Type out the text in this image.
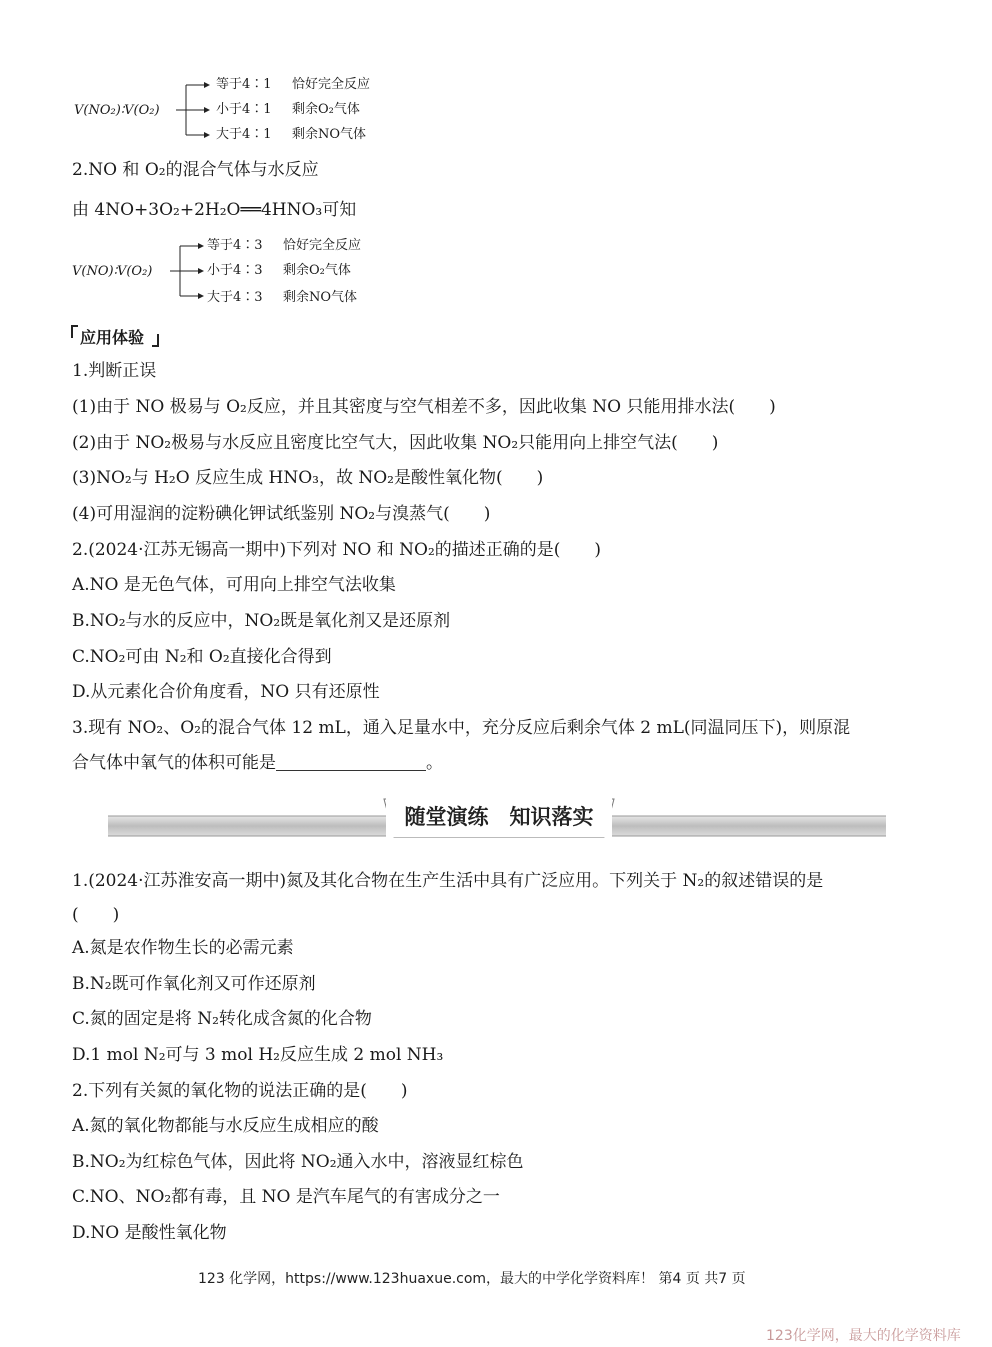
V(NO₂)∶V(O₂)
等于4∶1 恰好完全反应
小于4∶1 剩余O₂气体
大于4∶1 剩余NO气体
2.NO 和 O₂的混合气体与水反应
由 4NO+3O₂+2H₂O══4HNO₃可知
V(NO)∶V(O₂)
等于4∶3 恰好完全反应
小于4∶3 剩余O₂气体
大于4∶3 剩余NO气体
应用体验
1.判断正误
(1)由于 NO 极易与 O₂反应，并且其密度与空气相差不多，因此收集 NO 只能用排水法(　　)
(2)由于 NO₂极易与水反应且密度比空气大，因此收集 NO₂只能用向上排空气法(　　)
(3)NO₂与 H₂O 反应生成 HNO₃，故 NO₂是酸性氧化物(　　)
(4)可用湿润的淀粉碘化钾试纸鉴别 NO₂与溴蒸气(　　)
2.(2024·江苏无锡高一期中)下列对 NO 和 NO₂的描述正确的是(　　)
A.NO 是无色气体，可用向上排空气法收集
B.NO₂与水的反应中，NO₂既是氧化剂又是还原剂
C.NO₂可由 N₂和 O₂直接化合得到
D.从元素化合价角度看，NO 只有还原性
3.现有 NO₂、O₂的混合气体 12 mL，通入足量水中，充分反应后剩余气体 2 mL(同温同压下)，则原混
合气体中氧气的体积可能是	。
随堂演练　知识落实
1.(2024·江苏淮安高一期中)氮及其化合物在生产生活中具有广泛应用。下列关于 N₂的叙述错误的是
(　　)
A.氮是农作物生长的必需元素
B.N₂既可作氧化剂又可作还原剂
C.氮的固定是将 N₂转化成含氮的化合物
D.1 mol N₂可与 3 mol H₂反应生成 2 mol NH₃
2.下列有关氮的氧化物的说法正确的是(　　)
A.氮的氧化物都能与水反应生成相应的酸
B.NO₂为红棕色气体，因此将 NO₂通入水中，溶液显红棕色
C.NO、NO₂都有毒，且 NO 是汽车尾气的有害成分之一
D.NO 是酸性氧化物
123 化学网，https://www.123huaxue.com，最大的中学化学资料库！ 第4 页 共7 页
123化学网，最大的化学资料库
